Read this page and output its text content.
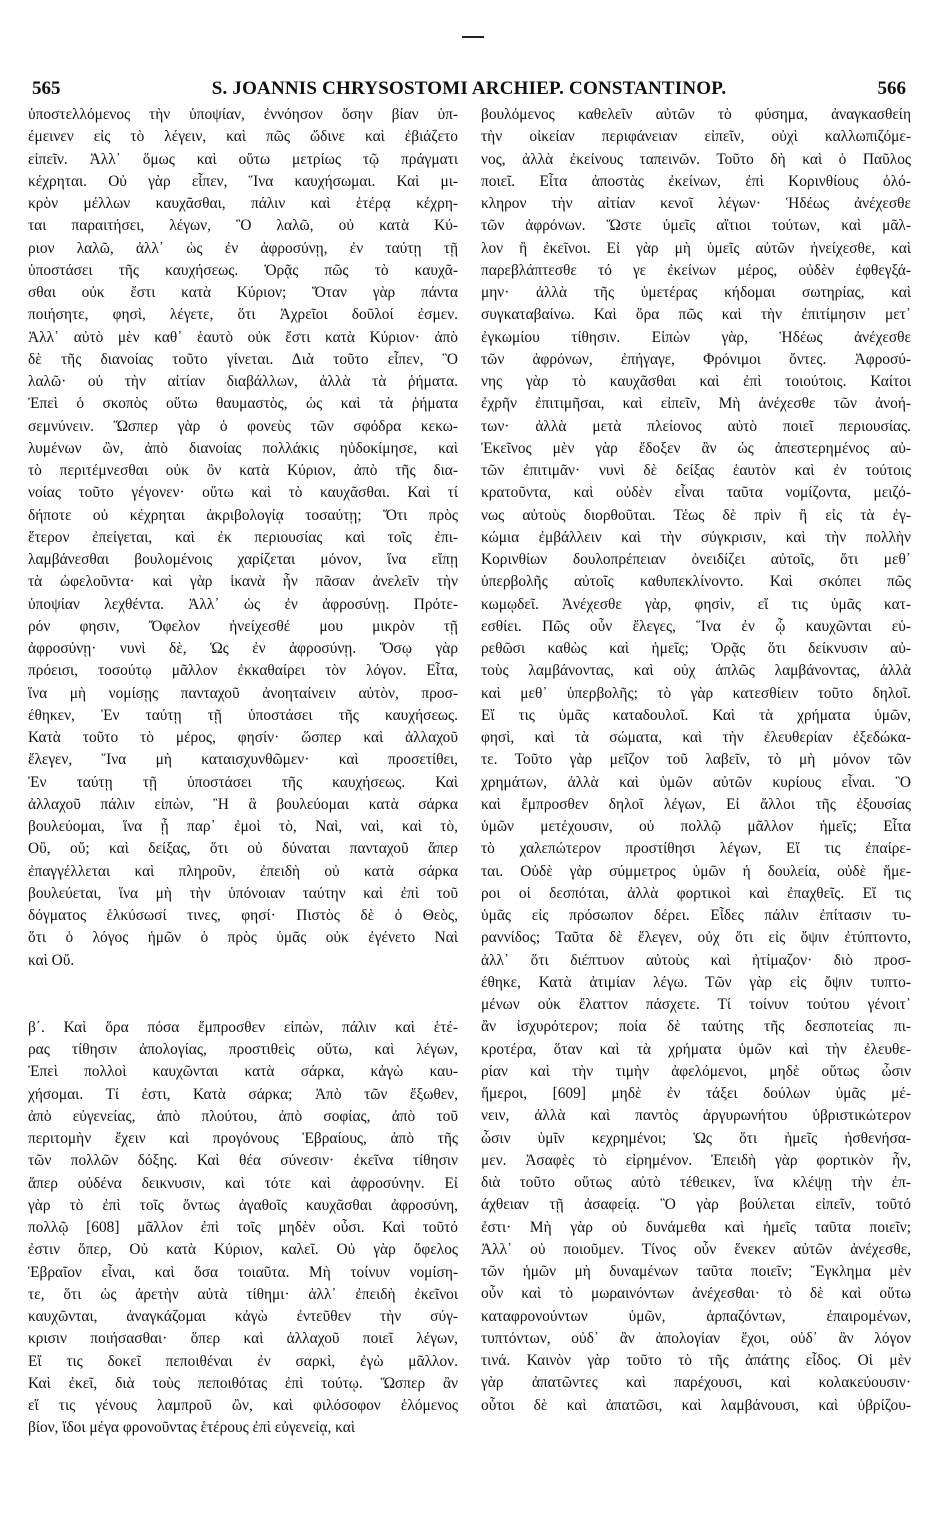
565	S. JOANNIS CHRYSOSTOMI ARCHIEP. CONSTANTINOP.	566
ὑποστελλόμενος τὴν ὑποψίαν, ἐννόησον ὅσην βίαν ὑπ-
έμεινεν εἰς τὸ λέγειν, καὶ πῶς ὤδινε καὶ ἐβιάζετο
εἰπεῖν. Ἀλλ᾽ ὅμως καὶ οὕτω μετρίως τῷ πράγματι
κέχρηται. Οὐ γὰρ εἶπεν, Ἵνα καυχήσωμαι. Καὶ μι-
κρὸν μέλλων καυχᾶσθαι, πάλιν καὶ ἑτέρᾳ κέχρη-
ται παραιτήσει, λέγων, Ὃ λαλῶ, οὐ κατὰ Κύ-
ριον λαλῶ, ἀλλ᾽ ὡς ἐν ἀφροσύνῃ, ἐν ταύτῃ τῇ
ὑποστάσει τῆς καυχήσεως. Ὁρᾷς πῶς τὸ καυχᾶ-
σθαι οὐκ ἔστι κατὰ Κύριον; Ὅταν γὰρ πάντα
ποιήσητε, φησὶ, λέγετε, ὅτι Ἀχρεῖοι δοῦλοί ἐσμεν.
Ἀλλ᾽ αὐτὸ μὲν καθ᾽ ἑαυτὸ οὐκ ἔστι κατὰ Κύριον· ἀπὸ
δὲ τῆς διανοίας τοῦτο γίνεται. Διὰ τοῦτο εἶπεν, Ὃ
λαλῶ· οὐ τὴν αἰτίαν διαβάλλων, ἀλλὰ τὰ ῥήματα.
Ἐπεὶ ὁ σκοπὸς οὕτω θαυμαστὸς, ὡς καὶ τὰ ῥήματα
σεμνύνειν. Ὥσπερ γὰρ ὁ φονεὺς τῶν σφόδρα κεκω-
λυμένων ὢν, ἀπὸ διανοίας πολλάκις ηὐδοκίμησε, καὶ
τὸ περιτέμνεσθαι οὐκ ὂν κατὰ Κύριον, ἀπὸ τῆς δια-
νοίας τοῦτο γέγονεν· οὕτω καὶ τὸ καυχᾶσθαι. Καὶ τί
δήποτε οὐ κέχρηται ἀκριβολογίᾳ τοσαύτῃ; Ὅτι πρὸς
ἕτερον ἐπείγεται, καὶ ἐκ περιουσίας καὶ τοῖς ἐπι-
λαμβάνεσθαι βουλομένοις χαρίζεται μόνον, ἵνα εἴπῃ
τὰ ὠφελοῦντα· καὶ γὰρ ἱκανὰ ἦν πᾶσαν ἀνελεῖν τὴν
ὑποψίαν λεχθέντα. Ἀλλ᾽ ὡς ἐν ἀφροσύνῃ. Πρότε-
ρόν φησιν, Ὄφελον ἠνείχεσθέ μου μικρὸν τῇ
ἀφροσύνῃ· νυνὶ δὲ, Ὡς ἐν ἀφροσύνῃ. Ὅσῳ γὰρ
πρόεισι, τοσούτῳ μᾶλλον ἐκκαθαίρει τὸν λόγον. Εἶτα,
ἵνα μὴ νομίσῃς πανταχοῦ ἀνοηταίνειν αὐτὸν, προσ-
έθηκεν, Ἐν ταύτῃ τῇ ὑποστάσει τῆς καυχήσεως.
Κατὰ τοῦτο τὸ μέρος, φησίν· ὥσπερ καὶ ἀλλαχοῦ
ἔλεγεν, Ἵνα μὴ καταισχυνθῶμεν· καὶ προσετίθει,
Ἐν ταύτῃ τῇ ὑποστάσει τῆς καυχήσεως. Καὶ
ἀλλαχοῦ πάλιν εἰπὼν, Ἢ ἃ βουλεύομαι κατὰ σάρκα
βουλεύομαι, ἵνα ᾖ παρ᾽ ἐμοὶ τὸ, Ναὶ, ναὶ, καὶ τὸ,
Οὒ, οὔ; καὶ δείξας, ὅτι οὐ δύναται πανταχοῦ ἅπερ
ἐπαγγέλλεται καὶ πληροῦν, ἐπειδὴ οὐ κατὰ σάρκα
βουλεύεται, ἵνα μὴ τὴν ὑπόνοιαν ταύτην καὶ ἐπὶ τοῦ
δόγματος ἑλκύσωσί τινες, φησί· Πιστὸς δὲ ὁ Θεὸς,
ὅτι ὁ λόγος ἡμῶν ὁ πρὸς ὑμᾶς οὐκ ἐγένετο Ναὶ
καὶ Οὔ.
β΄. Καὶ ὅρα πόσα ἔμπροσθεν εἰπὼν, πάλιν καὶ ἑτέ-
ρας τίθησιν ἀπολογίας, προστιθεὶς οὕτω, καὶ λέγων,
Ἐπεὶ πολλοὶ καυχῶνται κατὰ σάρκα, κἀγὼ καυ-
χήσομαι. Τί ἐστι, Κατὰ σάρκα; Ἀπὸ τῶν ἔξωθεν,
ἀπὸ εὐγενείας, ἀπὸ πλούτου, ἀπὸ σοφίας, ἀπὸ τοῦ
περιτομὴν ἔχειν καὶ προγόνους Ἑβραίους, ἀπὸ τῆς
τῶν πολλῶν δόξης. Καὶ θέα σύνεσιν· ἐκεῖνα τίθησιν
ἅπερ οὐδένα δεικνυσιν, καὶ τότε καὶ ἀφροσύνην. Εἰ
γὰρ τὸ ἐπὶ τοῖς ὄντως ἀγαθοῖς καυχᾶσθαι ἀφροσύνη,
πολλῷ [608] μᾶλλον ἐπὶ τοῖς μηδὲν οὖσι. Καὶ τοῦτό
ἐστιν ὅπερ, Οὐ κατὰ Κύριον, καλεῖ. Οὐ γὰρ ὄφελος
Ἑβραῖον εἶναι, καὶ ὅσα τοιαῦτα. Μὴ τοίνυν νομίση-
τε, ὅτι ὡς ἀρετὴν αὐτὰ τίθημι· ἀλλ᾽ ἐπειδὴ ἐκεῖνοι
καυχῶνται, ἀναγκάζομαι κἀγὼ ἐντεῦθεν τὴν σύγ-
κρισιν ποιήσασθαι· ὅπερ καὶ ἀλλαχοῦ ποιεῖ λέγων,
Εἴ τις δοκεῖ πεποιθέναι ἐν σαρκὶ, ἐγὼ μᾶλλον.
Καὶ ἐκεῖ, διὰ τοὺς πεποιθότας ἐπὶ τούτῳ. Ὥσπερ ἂν
εἴ τις γένους λαμπροῦ ὢν, καὶ φιλόσοφον ἑλόμενος
βίον, ἴδοι μέγα φρονοῦντας ἑτέρους ἐπὶ εὐγενείᾳ, καὶ
βουλόμενος καθελεῖν αὐτῶν τὸ φύσημα, ἀναγκασθείη
τὴν οἰκείαν περιφάνειαν εἰπεῖν, οὐχὶ καλλωπιζόμε-
νος, ἀλλὰ ἐκείνους ταπεινῶν. Τοῦτο δὴ καὶ ὁ Παῦλος
ποιεῖ. Εἶτα ἀποστὰς ἐκείνων, ἐπὶ Κορινθίους ὁλό-
κληρον τὴν αἰτίαν κενοῖ λέγων· Ἡδέως ἀνέχεσθε
τῶν ἀφρόνων. Ὥστε ὑμεῖς αἴτιοι τούτων, καὶ μᾶλ-
λον ἢ ἐκεῖνοι. Εἰ γὰρ μὴ ὑμεῖς αὐτῶν ἠνείχεσθε, καὶ
παρεβλάπτεσθε τό γε ἐκείνων μέρος, οὐδὲν ἐφθεγξά-
μην· ἀλλὰ τῆς ὑμετέρας κήδομαι σωτηρίας, καὶ
συγκαταβαίνω. Καὶ ὅρα πῶς καὶ τὴν ἐπιτίμησιν μετ᾽
ἐγκωμίου τίθησιν. Εἰπὼν γὰρ, Ἡδέως ἀνέχεσθε
τῶν ἀφρόνων, ἐπήγαγε, Φρόνιμοι ὄντες. Ἀφροσύ-
νης γὰρ τὸ καυχᾶσθαι καὶ ἐπὶ τοιούτοις. Καίτοι
ἐχρῆν ἐπιτιμῆσαι, καὶ εἰπεῖν, Μὴ ἀνέχεσθε τῶν ἀνοή-
των· ἀλλὰ μετὰ πλείονος αὐτὸ ποιεῖ περιουσίας.
Ἐκεῖνος μὲν γὰρ ἔδοξεν ἂν ὡς ἀπεστερημένος αὐ-
τῶν ἐπιτιμᾶν· νυνὶ δὲ δείξας ἑαυτὸν καὶ ἐν τούτοις
κρατοῦντα, καὶ οὐδὲν εἶναι ταῦτα νομίζοντα, μειζό-
νως αὐτοὺς διορθοῦται. Τέως δὲ πρὶν ἢ εἰς τὰ ἐγ-
κώμια ἐμβάλλειν καὶ τὴν σύγκρισιν, καὶ τὴν πολλὴν
Κορινθίων δουλοπρέπειαν ὀνειδίζει αὐτοῖς, ὅτι μεθ᾽
ὑπερβολῆς αὐτοῖς καθυπεκλίνοντο. Καὶ σκόπει πῶς
κωμῳδεῖ. Ἀνέχεσθε γὰρ, φησὶν, εἴ τις ὑμᾶς κατ-
εσθίει. Πῶς οὖν ἔλεγες, Ἵνα ἐν ᾧ καυχῶνται εὑ-
ρεθῶσι καθὼς καὶ ἡμεῖς; Ὁρᾷς ὅτι δείκνυσιν αὐ-
τοὺς λαμβάνοντας, καὶ οὐχ ἁπλῶς λαμβάνοντας, ἀλλὰ
καὶ μεθ᾽ ὑπερβολῆς; τὸ γὰρ κατεσθίειν τοῦτο δηλοῖ.
Εἴ τις ὑμᾶς καταδουλοῖ. Καὶ τὰ χρήματα ὑμῶν,
φησὶ, καὶ τὰ σώματα, καὶ τὴν ἐλευθερίαν ἐξεδώκα-
τε. Τοῦτο γὰρ μεῖζον τοῦ λαβεῖν, τὸ μὴ μόνον τῶν
χρημάτων, ἀλλὰ καὶ ὑμῶν αὐτῶν κυρίους εἶναι. Ὃ
καὶ ἔμπροσθεν δηλοῖ λέγων, Εἰ ἄλλοι τῆς ἐξουσίας
ὑμῶν μετέχουσιν, οὐ πολλῷ μᾶλλον ἡμεῖς; Εἶτα
τὸ χαλεπώτερον προστίθησι λέγων, Εἴ τις ἐπαίρε-
ται. Οὐδὲ γὰρ σύμμετρος ὑμῶν ἡ δουλεία, οὐδὲ ἥμε-
ροι οἱ δεσπόται, ἀλλὰ φορτικοὶ καὶ ἐπαχθεῖς. Εἴ τις
ὑμᾶς εἰς πρόσωπον δέρει. Εἶδες πάλιν ἐπίτασιν τυ-
ραννίδος; Ταῦτα δὲ ἔλεγεν, οὐχ ὅτι εἰς ὄψιν ἐτύπτοντο,
ἀλλ᾽ ὅτι διέπτυον αὐτοὺς καὶ ἠτίμαζον· διὸ προσ-
έθηκε, Κατὰ ἀτιμίαν λέγω. Τῶν γὰρ εἰς ὄψιν τυπτο-
μένων οὐκ ἔλαττον πάσχετε. Τί τοίνυν τούτου γένοιτ᾽
ἂν ἰσχυρότερον; ποία δὲ ταύτης τῆς δεσποτείας πι-
κροτέρα, ὅταν καὶ τὰ χρήματα ὑμῶν καὶ τὴν ἐλευθε-
ρίαν καὶ τὴν τιμὴν ἀφελόμενοι, μηδὲ οὕτως ὦσιν
ἥμεροι, [609] μηδὲ ἐν τάξει δούλων ὑμᾶς μέ-
νειν, ἀλλὰ καὶ παντὸς ἀργυρωνήτου ὑβριστικώτερον
ὦσιν ὑμῖν κεχρημένοι; Ὡς ὅτι ἡμεῖς ἠσθενήσα-
μεν. Ἀσαφὲς τὸ εἰρημένον. Ἐπειδὴ γὰρ φορτικὸν ἦν,
διὰ τοῦτο οὕτως αὐτὸ τέθεικεν, ἵνα κλέψῃ τὴν ἐπ-
άχθειαν τῇ ἀσαφείᾳ. Ὃ γὰρ βούλεται εἰπεῖν, τοῦτό
ἐστι· Μὴ γὰρ οὐ δυνάμεθα καὶ ἡμεῖς ταῦτα ποιεῖν;
Ἀλλ᾽ οὐ ποιοῦμεν. Τίνος οὖν ἕνεκεν αὐτῶν ἀνέχεσθε,
τῶν ἡμῶν μὴ δυναμένων ταῦτα ποιεῖν; Ἔγκλημα μὲν
οὖν καὶ τὸ μωραινόντων ἀνέχεσθαι· τὸ δὲ καὶ οὕτω
καταφρονούντων ὑμῶν, ἁρπαζόντων, ἐπαιρομένων,
τυπτόντων, οὐδ᾽ ἂν ἀπολογίαν ἔχοι, οὐδ᾽ ἂν λόγον
τινά. Καινὸν γὰρ τοῦτο τὸ τῆς ἀπάτης εἶδος. Οἱ μὲν
γὰρ ἀπατῶντες καὶ παρέχουσι, καὶ κολακεύουσιν·
οὗτοι δὲ καὶ ἀπατῶσι, καὶ λαμβάνουσι, καὶ ὑβρίζου-
